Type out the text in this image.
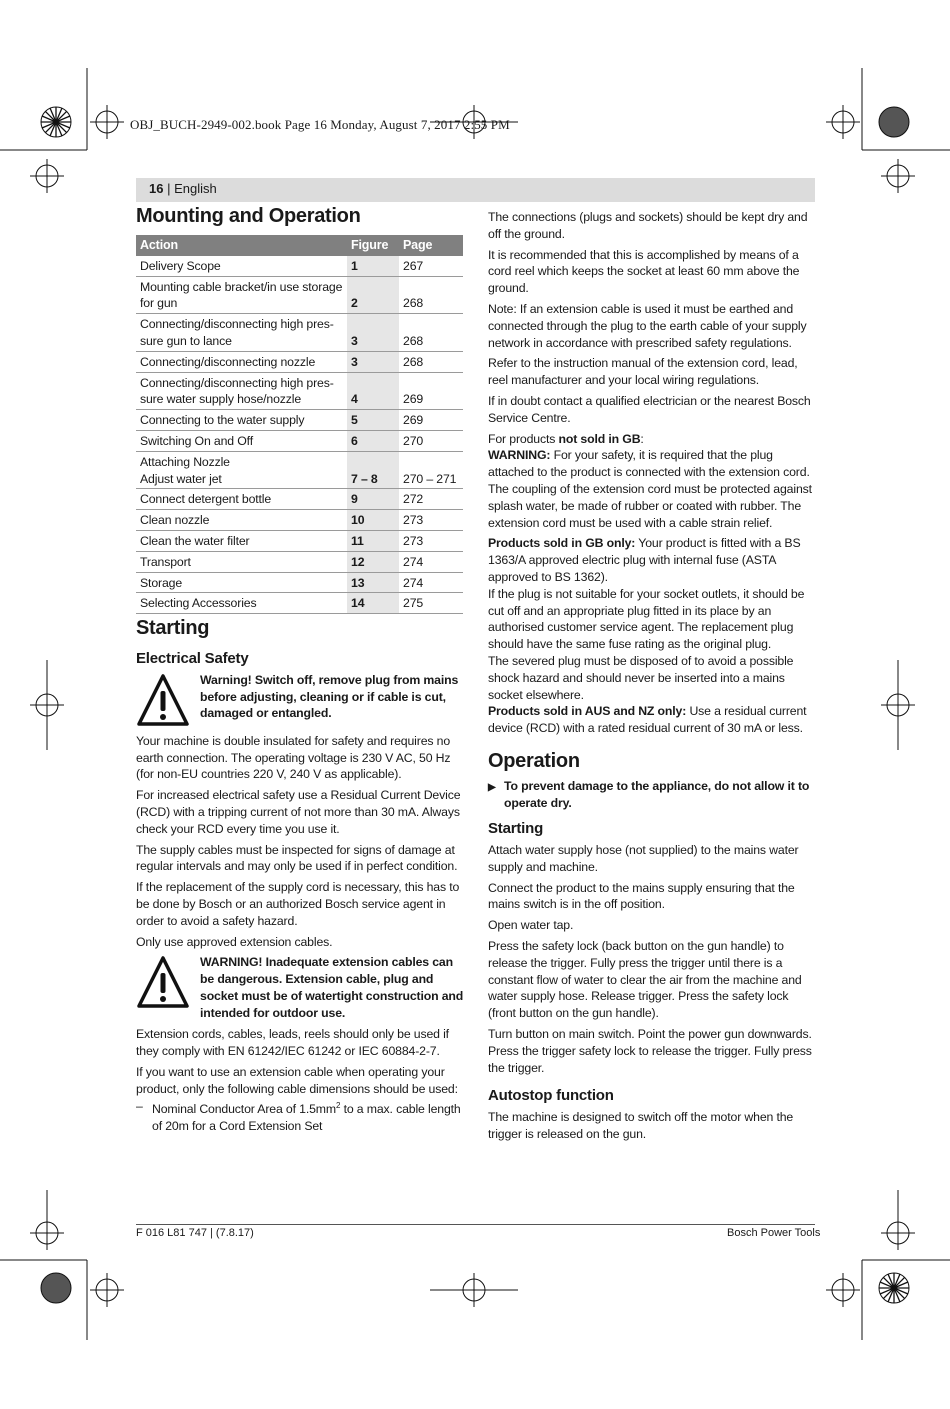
OBJ_BUCH-2949-002.book Page 16 Monday, August 7, 2017 2:55 PM
16 | English
Mounting and Operation
Action	Figure	Page
Delivery Scope	1	267
Mounting cable bracket/in use storage for gun	2	268
Connecting/disconnecting high pres-sure gun to lance	3	268
Connecting/disconnecting nozzle	3	268
Connecting/disconnecting high pres-sure water supply hose/nozzle	4	269
Connecting to the water supply	5	269
Switching On and Off	6	270

Attaching Nozzle
Adjust water jet	7 – 8	270 – 271
Connect detergent bottle	9	272
Clean nozzle	10	273
Clean the water filter	11	273
Transport	12	274
Storage	13	274
Selecting Accessories	14	275
Starting
Electrical Safety
Warning! Switch off, remove plug from mains before adjusting, cleaning or if cable is cut, damaged or entangled.

Your machine is double insulated for safety and requires no earth connection. The operating voltage is 230 V AC, 50 Hz (for non-EU countries 220 V, 240 V as applicable).

For increased electrical safety use a Residual Current Device (RCD) with a tripping current of not more than 30 mA. Always check your RCD every time you use it.

The supply cables must be inspected for signs of damage at regular intervals and may only be used if in perfect condition.

If the replacement of the supply cord is necessary, this has to be done by Bosch or an authorized Bosch service agent in order to avoid a safety hazard.

Only use approved extension cables.

WARNING! Inadequate extension cables can be dangerous. Extension cable, plug and socket must be of watertight construction and intended for outdoor use.

Extension cords, cables, leads, reels should only be used if they comply with EN 61242/IEC 61242 or IEC 60884-2-7.

If you want to use an extension cable when operating your product, only the following cable dimensions should be used:

– Nominal Conductor Area of $1.5mm^2$ to a max. cable length of 20m for a Cord Extension Set

The connections (plugs and sockets) should be kept dry and off the ground.

It is recommended that this is accomplished by means of a cord reel which keeps the socket at least 60 mm above the ground.

Note: If an extension cable is used it must be earthed and connected through the plug to the earth cable of your supply network in accordance with prescribed safety regulations.

Refer to the instruction manual of the extension cord, lead, reel manufacturer and your local wiring regulations.

If in doubt contact a qualified electrician or the nearest Bosch Service Centre.

For products not sold in GB:

WARNING: For your safety, it is required that the plug attached to the product is connected with the extension cord. The coupling of the extension cord must be protected against splash water, be made of rubber or coated with rubber. The extension cord must be used with a cable strain relief.

Products sold in GB only: Your product is fitted with a BS 1363/A approved electric plug with internal fuse (ASTA approved to BS 1362).

If the plug is not suitable for your socket outlets, it should be cut off and an appropriate plug fitted in its place by an authorised customer service agent. The replacement plug should have the same fuse rating as the original plug.

The severed plug must be disposed of to avoid a possible shock hazard and should never be inserted into a mains socket elsewhere.

Products sold in AUS and NZ only: Use a residual current device (RCD) with a rated residual current of 30 mA or less.

Operation
▶ To prevent damage to the appliance, do not allow it to operate dry.
Starting

Attach water supply hose (not supplied) to the mains water supply and machine.

Connect the product to the mains supply ensuring that the mains switch is in the off position.

Open water tap.

Press the safety lock (back button on the gun handle) to release the trigger. Fully press the trigger until there is a constant flow of water to clear the air from the machine and water supply hose. Release trigger. Press the safety lock (front button on the gun handle).

Turn button on main switch. Point the power gun downwards. Press the trigger safety lock to release the trigger. Fully press the trigger.

Autostop function

The machine is designed to switch off the motor when the trigger is released on the gun.

F 016 L81 747 | (7.8.17)	Bosch Power Tools
